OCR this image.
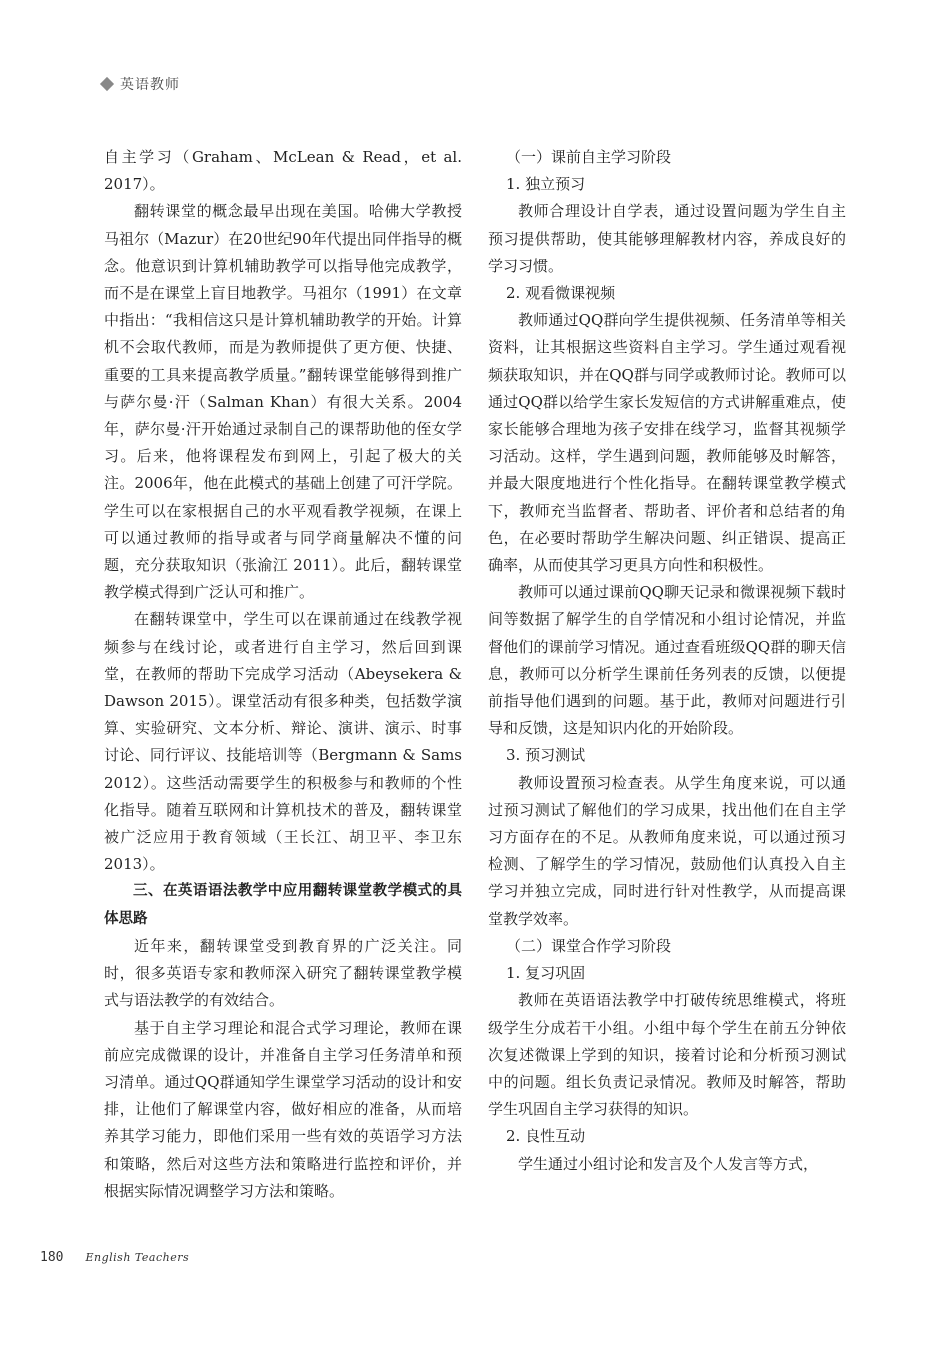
英语教师

自主学习（Graham、McLean & Read，et al. 2017）。

翻转课堂的概念最早出现在美国。哈佛大学教授马祖尔（Mazur）在20世纪90年代提出同伴指导的概念。他意识到计算机辅助教学可以指导他完成教学，而不是在课堂上盲目地教学。马祖尔（1991）在文章中指出：“我相信这只是计算机辅助教学的开始。计算机不会取代教师，而是为教师提供了更方便、快捷、重要的工具来提高教学质量。”翻转课堂能够得到推广与萨尔曼·汗（Salman Khan）有很大关系。2004年，萨尔曼·汗开始通过录制自己的课帮助他的侄女学习。后来，他将课程发布到网上，引起了极大的关注。2006年，他在此模式的基础上创建了可汗学院。学生可以在家根据自己的水平观看教学视频，在课上可以通过教师的指导或者与同学商量解决不懂的问题，充分获取知识（张渝江 2011）。此后，翻转课堂教学模式得到广泛认可和推广。

在翻转课堂中，学生可以在课前通过在线教学视频参与在线讨论，或者进行自主学习，然后回到课堂，在教师的帮助下完成学习活动（Abeysekera & Dawson 2015）。课堂活动有很多种类，包括数学演算、实验研究、文本分析、辩论、演讲、演示、时事讨论、同行评议、技能培训等（Bergmann & Sams 2012）。这些活动需要学生的积极参与和教师的个性化指导。随着互联网和计算机技术的普及，翻转课堂被广泛应用于教育领域（王长江、胡卫平、李卫东 2013）。

三、在英语语法教学中应用翻转课堂教学模式的具体思路

近年来，翻转课堂受到教育界的广泛关注。同时，很多英语专家和教师深入研究了翻转课堂教学模式与语法教学的有效结合。

基于自主学习理论和混合式学习理论，教师在课前应完成微课的设计，并准备自主学习任务清单和预习清单。通过QQ群通知学生课堂学习活动的设计和安排，让他们了解课堂内容，做好相应的准备，从而培养其学习能力，即他们采用一些有效的英语学习方法和策略，然后对这些方法和策略进行监控和评价，并根据实际情况调整学习方法和策略。

（一）课前自主学习阶段

1. 独立预习

教师合理设计自学表，通过设置问题为学生自主预习提供帮助，使其能够理解教材内容，养成良好的学习习惯。

2. 观看微课视频

教师通过QQ群向学生提供视频、任务清单等相关资料，让其根据这些资料自主学习。学生通过观看视频获取知识，并在QQ群与同学或教师讨论。教师可以通过QQ群以给学生家长发短信的方式讲解重难点，使家长能够合理地为孩子安排在线学习，监督其视频学习活动。这样，学生遇到问题，教师能够及时解答，并最大限度地进行个性化指导。在翻转课堂教学模式下，教师充当监督者、帮助者、评价者和总结者的角色，在必要时帮助学生解决问题、纠正错误、提高正确率，从而使其学习更具方向性和积极性。

教师可以通过课前QQ聊天记录和微课视频下载时间等数据了解学生的自学情况和小组讨论情况，并监督他们的课前学习情况。通过查看班级QQ群的聊天信息，教师可以分析学生课前任务列表的反馈，以便提前指导他们遇到的问题。基于此，教师对问题进行引导和反馈，这是知识内化的开始阶段。

3. 预习测试

教师设置预习检查表。从学生角度来说，可以通过预习测试了解他们的学习成果，找出他们在自主学习方面存在的不足。从教师角度来说，可以通过预习检测、了解学生的学习情况，鼓励他们认真投入自主学习并独立完成，同时进行针对性教学，从而提高课堂教学效率。

（二）课堂合作学习阶段

1. 复习巩固

教师在英语语法教学中打破传统思维模式，将班级学生分成若干小组。小组中每个学生在前五分钟依次复述微课上学到的知识，接着讨论和分析预习测试中的问题。组长负责记录情况。教师及时解答，帮助学生巩固自主学习获得的知识。

2. 良性互动

学生通过小组讨论和发言及个人发言等方式，

180 English Teachers
